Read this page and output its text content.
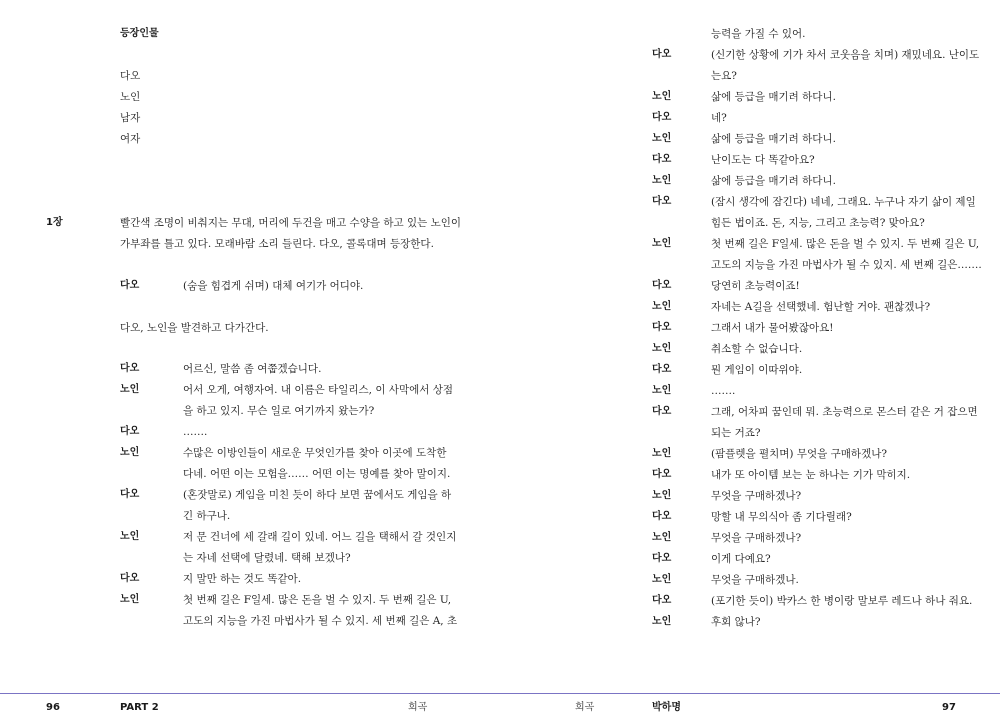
등장인물
다오
노인
남자
여자
1장	빨간색 조명이 비춰지는 무대, 머리에 두건을 매고 수양을 하고 있는 노인이
가부좌를 틀고 있다. 모래바람 소리 들린다. 다오, 콜록대며 등장한다.
다오	(숨을 힘겹게 쉬며) 대체 여기가 어디야.
다오, 노인을 발견하고 다가간다.
다오	어르신, 말씀 좀 여쭙겠습니다.
노인	어서 오게, 여행자여. 내 이름은 타일리스, 이 사막에서 상점
을 하고 있지. 무슨 일로 여기까지 왔는가?
다오	…….
노인	수많은 이방인들이 새로운 무엇인가를 찾아 이곳에 도착한
다네. 어떤 이는 모험을…… 어떤 이는 명예를 찾아 말이지.
다오	(혼잣말로) 게임을 미친 듯이 하다 보면 꿈에서도 게임을 하
긴 하구나.
노인	저 문 건너에 세 갈래 길이 있네. 어느 길을 택해서 갈 것인지
는 자네 선택에 달렸네. 택해 보겠나?
다오	지 말만 하는 것도 똑같아.
노인	첫 번째 길은 F일세. 많은 돈을 벌 수 있지. 두 번째 길은 U,
고도의 지능을 가진 마법사가 될 수 있지. 세 번째 길은 A, 초
능력을 가질 수 있어.
다오	(신기한 상황에 기가 차서 코웃음을 치며) 재밌네요. 난이도
는요?
노인	삶에 등급을 매기려 하다니.
다오	네?
노인	삶에 등급을 매기려 하다니.
다오	난이도는 다 똑같아요?
노인	삶에 등급을 매기려 하다니.
다오	(잠시 생각에 잠긴다) 네네, 그래요. 누구나 자기 삶이 제일
힘든 법이죠. 돈, 지능, 그리고 초능력? 맞아요?
노인	첫 번째 길은 F일세. 많은 돈을 벌 수 있지. 두 번째 길은 U,
고도의 지능을 가진 마법사가 될 수 있지. 세 번째 길은…….
다오	당연히 초능력이죠!
노인	자네는 A길을 선택했네. 험난할 거야. 괜찮겠나?
다오	그래서 내가 물어봤잖아요!
노인	취소할 수 없습니다.
다오	뭔 게임이 이따위야.
노인	…….
다오	그래, 어차피 꿈인데 뭐. 초능력으로 몬스터 같은 거 잡으면
되는 거죠?
노인	(팜플렛을 펼치며) 무엇을 구매하겠나?
다오	내가 또 아이템 보는 눈 하나는 기가 막히지.
노인	무엇을 구매하겠나?
다오	망할 내 무의식아 좀 기다릴래?
노인	무엇을 구매하겠나?
다오	이게 다예요?
노인	무엇을 구매하겠나.
다오	(포기한 듯이) 박카스 한 병이랑 말보루 레드나 하나 줘요.
노인	후회 않나?
96	PART 2	희곡	희곡	박하명	97
